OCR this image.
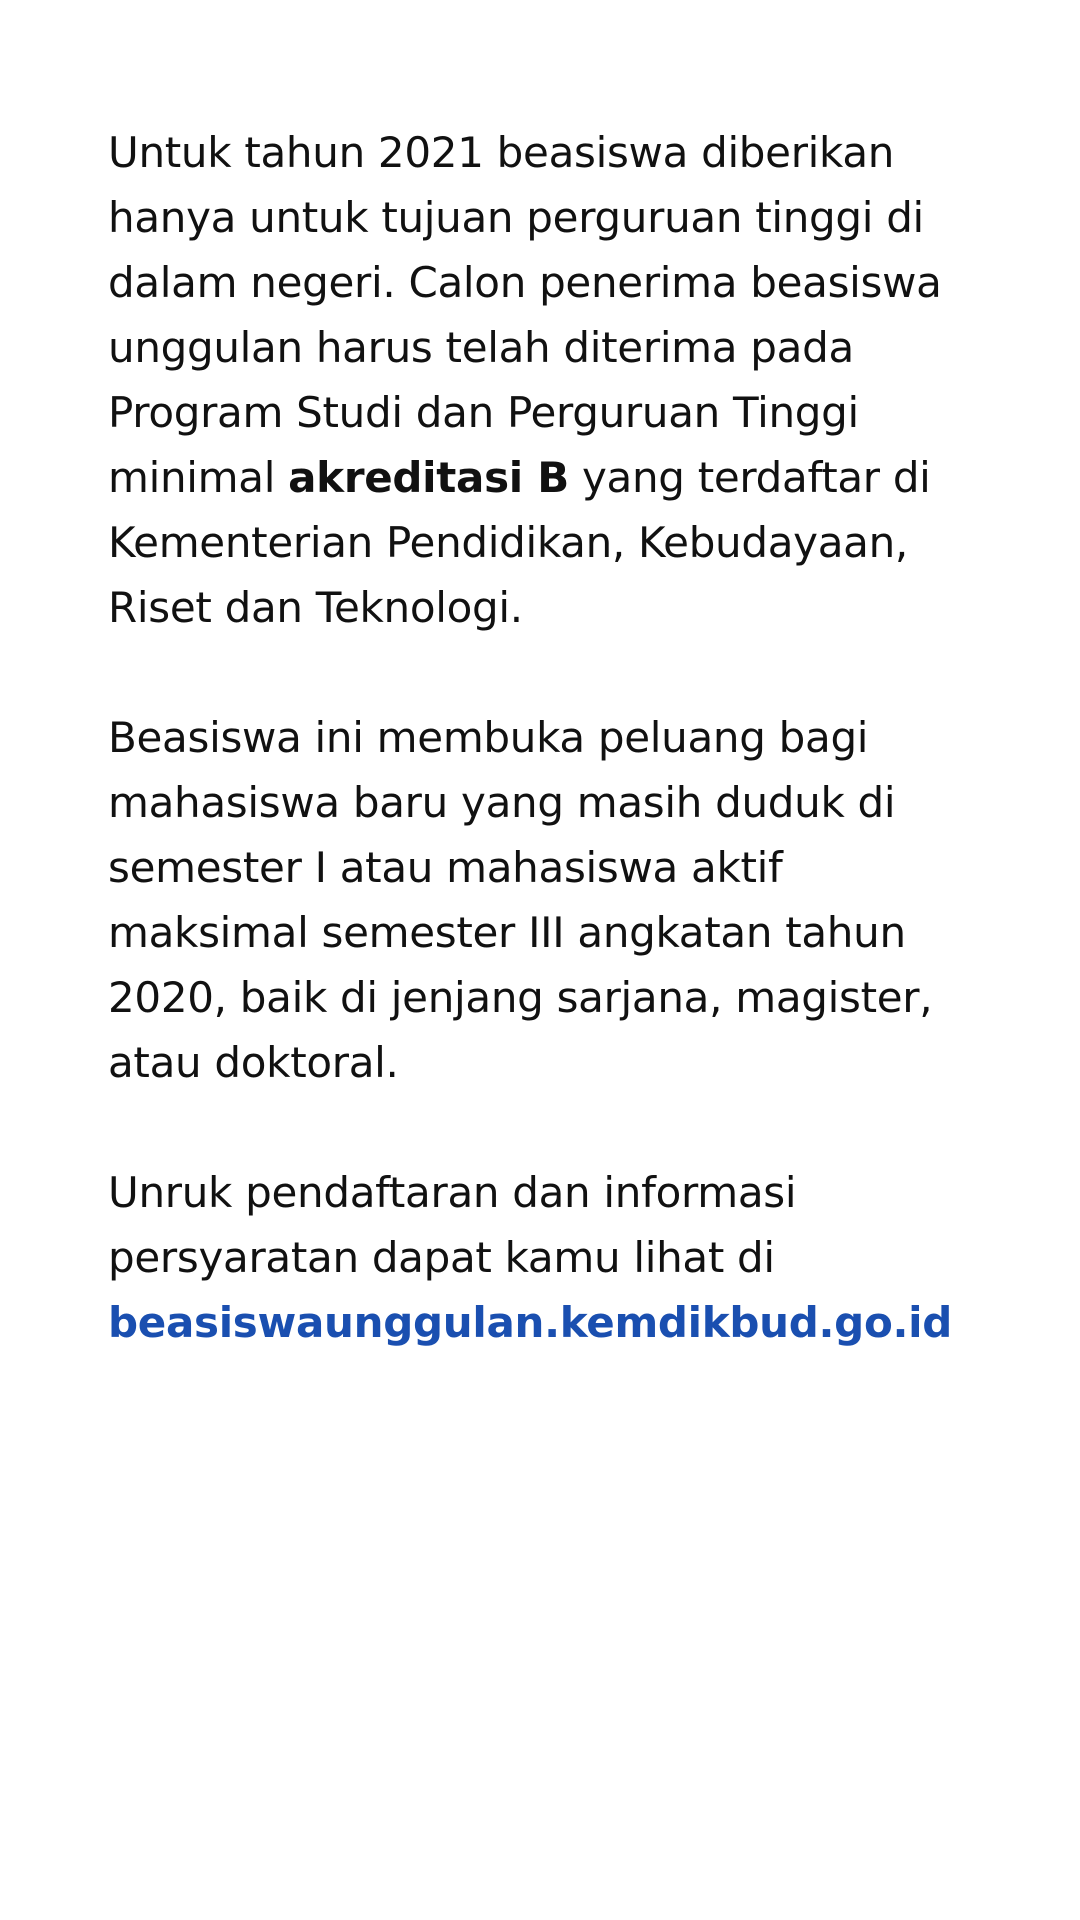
Untuk tahun 2021 beasiswa diberikan hanya untuk tujuan perguruan tinggi di dalam negeri. Calon penerima beasiswa unggulan harus telah diterima pada Program Studi dan Perguruan Tinggi minimal akreditasi B yang terdaftar di Kementerian Pendidikan, Kebudayaan, Riset dan Teknologi.

Beasiswa ini membuka peluang bagi mahasiswa baru yang masih duduk di semester I atau mahasiswa aktif maksimal semester III angkatan tahun 2020, baik di jenjang sarjana, magister, atau doktoral.

Unruk pendaftaran dan informasi persyaratan dapat kamu lihat di
beasiswaunggulan.kemdikbud.go.id
